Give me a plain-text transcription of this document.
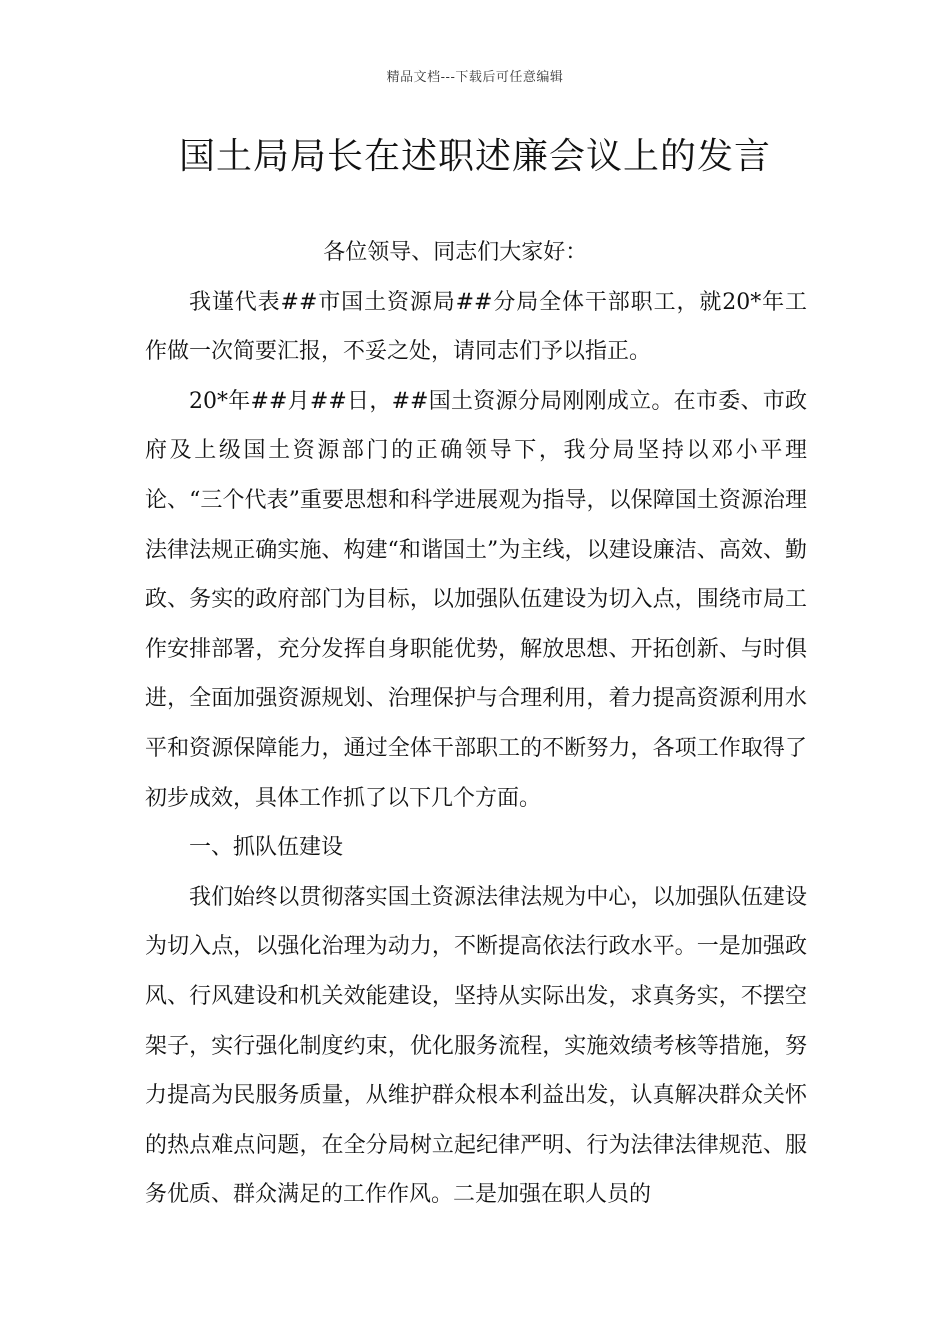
精品文档---下载后可任意编辑
国土局局长在述职述廉会议上的发言

各位领导、同志们大家好：

我谨代表##市国土资源局##分局全体干部职工，就20*年工作做一次简要汇报，不妥之处，请同志们予以指正。

20*年##月##日，##国土资源分局刚刚成立。在市委、市政府及上级国土资源部门的正确领导下，我分局坚持以邓小平理论、“三个代表”重要思想和科学进展观为指导，以保障国土资源治理法律法规正确实施、构建“和谐国土”为主线，以建设廉洁、高效、勤政、务实的政府部门为目标，以加强队伍建设为切入点，围绕市局工作安排部署，充分发挥自身职能优势，解放思想、开拓创新、与时俱进，全面加强资源规划、治理保护与合理利用，着力提高资源利用水平和资源保障能力，通过全体干部职工的不断努力，各项工作取得了初步成效，具体工作抓了以下几个方面。

一、抓队伍建设

我们始终以贯彻落实国土资源法律法规为中心，以加强队伍建设为切入点，以强化治理为动力，不断提高依法行政水平。一是加强政风、行风建设和机关效能建设，坚持从实际出发，求真务实，不摆空架子，实行强化制度约束，优化服务流程，实施效绩考核等措施，努力提高为民服务质量，从维护群众根本利益出发，认真解决群众关怀的热点难点问题，在全分局树立起纪律严明、行为法律法律规范、服务优质、群众满足的工作作风。二是加强在职人员的
